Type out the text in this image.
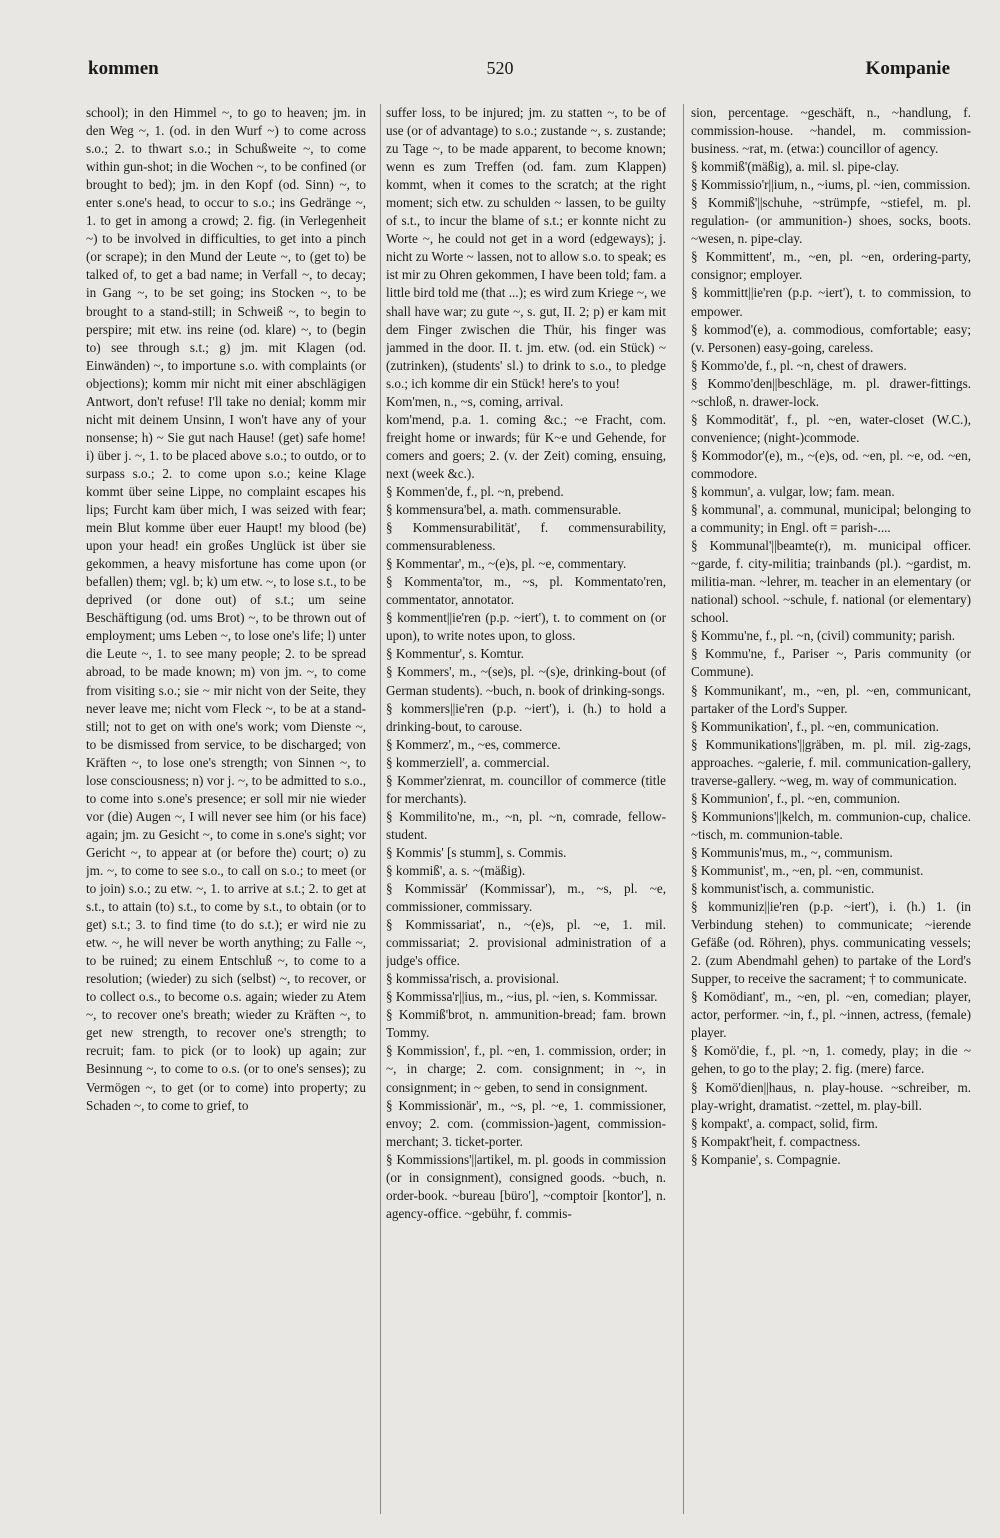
kommen	520	Kompanie

school); in den Himmel ~, to go to heaven; jm. in den Weg ~, 1. (od. in den Wurf ~) to come across s.o.; 2. to thwart s.o.; in Schußweite ~, to come within gun-shot; in die Wochen ~, to be confined (or brought to bed); jm. in den Kopf (od. Sinn) ~, to enter s.one's head, to occur to s.o.; ins Gedränge ~, 1. to get in among a crowd; 2. fig. (in Verlegenheit ~) to be involved in difficulties, to get into a pinch (or scrape); in den Mund der Leute ~, to (get to) be talked of, to get a bad name; in Verfall ~, to decay; in Gang ~, to be set going; ins Stocken ~, to be brought to a stand-still; in Schweiß ~, to begin to perspire; mit etw. ins reine (od. klare) ~, to (begin to) see through s.t.; g) jm. mit Klagen (od. Einwänden) ~, to importune s.o. with complaints (or objections); komm mir nicht mit einer abschlägigen Antwort, don't refuse! I'll take no denial; komm mir nicht mit deinem Unsinn, I won't have any of your nonsense; h) ~ Sie gut nach Hause! (get) safe home! i) über j. ~, 1. to be placed above s.o.; to outdo, or to surpass s.o.; 2. to come upon s.o.; keine Klage kommt über seine Lippe, no complaint escapes his lips; Furcht kam über mich, I was seized with fear; mein Blut komme über euer Haupt! my blood (be) upon your head! ein großes Unglück ist über sie gekommen, a heavy misfortune has come upon (or befallen) them; vgl. b; k) um etw. ~, to lose s.t., to be deprived (or done out) of s.t.; um seine Beschäftigung (od. ums Brot) ~, to be thrown out of employment; ums Leben ~, to lose one's life; l) unter die Leute ~, 1. to see many people; 2. to be spread abroad, to be made known; m) von jm. ~, to come from visiting s.o.; sie ~ mir nicht von der Seite, they never leave me; nicht vom Fleck ~, to be at a stand-still; not to get on with one's work; vom Dienste ~, to be dismissed from service, to be discharged; von Kräften ~, to lose one's strength; von Sinnen ~, to lose consciousness; n) vor j. ~, to be admitted to s.o., to come into s.one's presence; er soll mir nie wieder vor (die) Augen ~, I will never see him (or his face) again; jm. zu Gesicht ~, to come in s.one's sight; vor Gericht ~, to appear at (or before the) court; o) zu jm. ~, to come to see s.o., to call on s.o.; to meet (or to join) s.o.; zu etw. ~, 1. to arrive at s.t.; 2. to get at s.t., to attain (to) s.t., to come by s.t., to obtain (or to get) s.t.; 3. to find time (to do s.t.); er wird nie zu etw. ~, he will never be worth anything; zu Falle ~, to be ruined; zu einem Entschluß ~, to come to a resolution; (wieder) zu sich (selbst) ~, to recover, or to collect o.s., to become o.s. again; wieder zu Atem ~, to recover one's breath; wieder zu Kräften ~, to get new strength, to recover one's strength; to recruit; fam. to pick (or to look) up again; zur Besinnung ~, to come to o.s. (or to one's senses); zu Vermögen ~, to get (or to come) into property; zu Schaden ~, to come to grief, to

suffer loss, to be injured; jm. zu statten ~, to be of use (or of advantage) to s.o.; zustande ~, s. zustande; zu Tage ~, to be made apparent, to become known; wenn es zum Treffen (od. fam. zum Klappen) kommt, when it comes to the scratch; at the right moment; sich etw. zu schulden ~ lassen, to be guilty of s.t., to incur the blame of s.t.; er konnte nicht zu Worte ~, he could not get in a word (edgeways); j. nicht zu Worte ~ lassen, not to allow s.o. to speak; es ist mir zu Ohren gekommen, I have been told; fam. a little bird told me (that ...); es wird zum Kriege ~, we shall have war; zu gute ~, s. gut, II. 2; p) er kam mit dem Finger zwischen die Thür, his finger was jammed in the door. II. t. jm. etw. (od. ein Stück) ~ (zutrinken), (students' sl.) to drink to s.o., to pledge s.o.; ich komme dir ein Stück! here's to you!

Kom'men, n., ~s, coming, arrival.

kom'mend, p.a. 1. coming &c.; ~e Fracht, com. freight home or inwards; für K~e und Gehende, for comers and goers; 2. (v. der Zeit) coming, ensuing, next (week &c.).

§ Kommen'de, f., pl. ~n, prebend.

§ kommensura'bel, a. math. commensurable.

§ Kommensurabilität', f. commensurability, commensurableness.

§ Kommentar', m., ~(e)s, pl. ~e, commentary.

§ Kommenta'tor, m., ~s, pl. Kommentato'ren, commentator, annotator.

§ komment||ie'ren (p.p. ~iert'), t. to comment on (or upon), to write notes upon, to gloss.

§ Kommentur', s. Komtur.

§ Kommers', m., ~(se)s, pl. ~(s)e, drinking-bout (of German students). ~buch, n. book of drinking-songs.

§ kommers||ie'ren (p.p. ~iert'), i. (h.) to hold a drinking-bout, to carouse.

§ Kommerz', m., ~es, commerce.

§ kommerziell', a. commercial.

§ Kommer'zienrat, m. councillor of commerce (title for merchants).

§ Kommilito'ne, m., ~n, pl. ~n, comrade, fellow-student.

§ Kommis' [s stumm], s. Commis.

§ kommiß', a. s. ~(mäßig).

§ Kommissär' (Kommissar'), m., ~s, pl. ~e, commissioner, commissary.

§ Kommissariat', n., ~(e)s, pl. ~e, 1. mil. commissariat; 2. provisional administration of a judge's office.

§ kommissa'risch, a. provisional.

§ Kommissa'r||ius, m., ~ius, pl. ~ien, s. Kommissar.

§ Kommiß'brot, n. ammunition-bread; fam. brown Tommy.

§ Kommission', f., pl. ~en, 1. commission, order; in ~, in charge; 2. com. consignment; in ~, in consignment; in ~ geben, to send in consignment.

§ Kommissionär', m., ~s, pl. ~e, 1. commissioner, envoy; 2. com. (commission-)agent, commission-merchant; 3. ticket-porter.

§ Kommissions'||artikel, m. pl. goods in commission (or in consignment), consigned goods. ~buch, n. order-book. ~bureau [büro'], ~comptoir [kontor'], n. agency-office. ~gebühr, f. commis-

sion, percentage. ~geschäft, n., ~handlung, f. commission-house. ~handel, m. commission-business. ~rat, m. (etwa:) councillor of agency.

§ kommiß'(mäßig), a. mil. sl. pipe-clay.

§ Kommissio'r||ium, n., ~iums, pl. ~ien, commission.

§ Kommiß'||schuhe, ~strümpfe, ~stiefel, m. pl. regulation- (or ammunition-) shoes, socks, boots. ~wesen, n. pipe-clay.

§ Kommittent', m., ~en, pl. ~en, ordering-party, consignor; employer.

§ kommitt||ie'ren (p.p. ~iert'), t. to commission, to empower.

§ kommod'(e), a. commodious, comfortable; easy; (v. Personen) easy-going, careless.

§ Kommo'de, f., pl. ~n, chest of drawers.

§ Kommo'den||beschläge, m. pl. drawer-fittings. ~schloß, n. drawer-lock.

§ Kommodität', f., pl. ~en, water-closet (W.C.), convenience; (night-)commode.

§ Kommodor'(e), m., ~(e)s, od. ~en, pl. ~e, od. ~en, commodore.

§ kommun', a. vulgar, low; fam. mean.

§ kommunal', a. communal, municipal; belonging to a community; in Engl. oft = parish-....

§ Kommunal'||beamte(r), m. municipal officer. ~garde, f. city-militia; trainbands (pl.). ~gardist, m. militia-man. ~lehrer, m. teacher in an elementary (or national) school. ~schule, f. national (or elementary) school.

§ Kommu'ne, f., pl. ~n, (civil) community; parish.

§ Kommu'ne, f., Pariser ~, Paris community (or Commune).

§ Kommunikant', m., ~en, pl. ~en, communicant, partaker of the Lord's Supper.

§ Kommunikation', f., pl. ~en, communication.

§ Kommunikations'||gräben, m. pl. mil. zig-zags, approaches. ~galerie, f. mil. communication-gallery, traverse-gallery. ~weg, m. way of communication.

§ Kommunion', f., pl. ~en, communion.

§ Kommunions'||kelch, m. communion-cup, chalice. ~tisch, m. communion-table.

§ Kommunis'mus, m., ~, communism.

§ Kommunist', m., ~en, pl. ~en, communist.

§ kommunist'isch, a. communistic.

§ kommuniz||ie'ren (p.p. ~iert'), i. (h.) 1. (in Verbindung stehen) to communicate; ~ierende Gefäße (od. Röhren), phys. communicating vessels; 2. (zum Abendmahl gehen) to partake of the Lord's Supper, to receive the sacrament; † to communicate.

§ Komödiant', m., ~en, pl. ~en, comedian; player, actor, performer. ~in, f., pl. ~innen, actress, (female) player.

§ Komö'die, f., pl. ~n, 1. comedy, play; in die ~ gehen, to go to the play; 2. fig. (mere) farce.

§ Komö'dien||haus, n. play-house. ~schreiber, m. play-wright, dramatist. ~zettel, m. play-bill.

§ kompakt', a. compact, solid, firm.

§ Kompakt'heit, f. compactness.

§ Kompanie', s. Compagnie.
